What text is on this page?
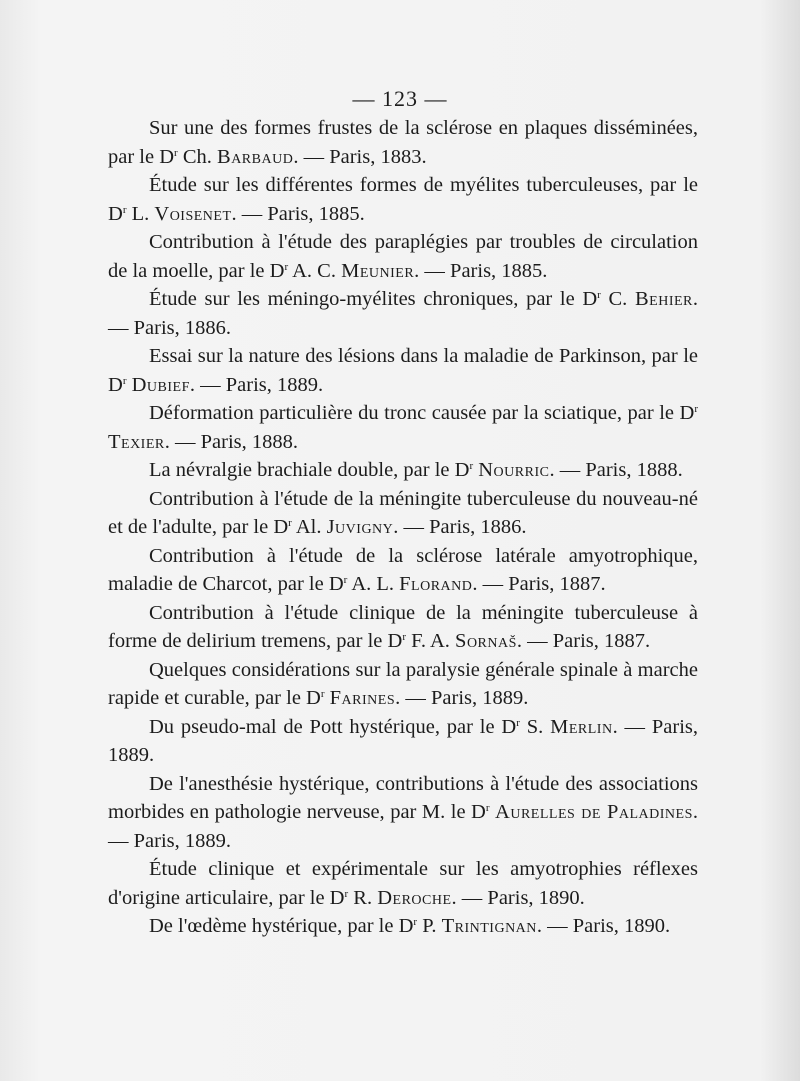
— 123 —

Sur une des formes frustes de la sclérose en plaques disséminées, par le $D^r$ Ch. Barbaud. — Paris, 1883.

Étude sur les différentes formes de myélites tuberculeuses, par le $D^r$ L. Voisenet. — Paris, 1885.

Contribution à l'étude des paraplégies par troubles de circulation de la moelle, par le $D^r$ A. C. Meunier. — Paris, 1885.

Étude sur les méningo-myélites chroniques, par le $D^r$ C. Behier. — Paris, 1886.

Essai sur la nature des lésions dans la maladie de Parkinson, par le $D^r$ Dubief. — Paris, 1889.

Déformation particulière du tronc causée par la sciatique, par le $D^r$ Texier. — Paris, 1888.

La névralgie brachiale double, par le $D^r$ Nourric. — Paris, 1888.

Contribution à l'étude de la méningite tuberculeuse du nouveau-né et de l'adulte, par le $D^r$ Al. Juvigny. — Paris, 1886.

Contribution à l'étude de la sclérose latérale amyotrophique, maladie de Charcot, par le $D^r$ A. L. Florand. — Paris, 1887.

Contribution à l'étude clinique de la méningite tuberculeuse à forme de delirium tremens, par le $D^r$ F. A. Sornaš. — Paris, 1887.

Quelques considérations sur la paralysie générale spinale à marche rapide et curable, par le $D^r$ Farines. — Paris, 1889.

Du pseudo-mal de Pott hystérique, par le $D^r$ S. Merlin. — Paris, 1889.

De l'anesthésie hystérique, contributions à l'étude des associations morbides en pathologie nerveuse, par M. le $D^r$ Aurelles de Paladines. — Paris, 1889.

Étude clinique et expérimentale sur les amyotrophies réflexes d'origine articulaire, par le $D^r$ R. Deroche. — Paris, 1890.

De l'œdème hystérique, par le $D^r$ P. Trintignan. — Paris, 1890.
